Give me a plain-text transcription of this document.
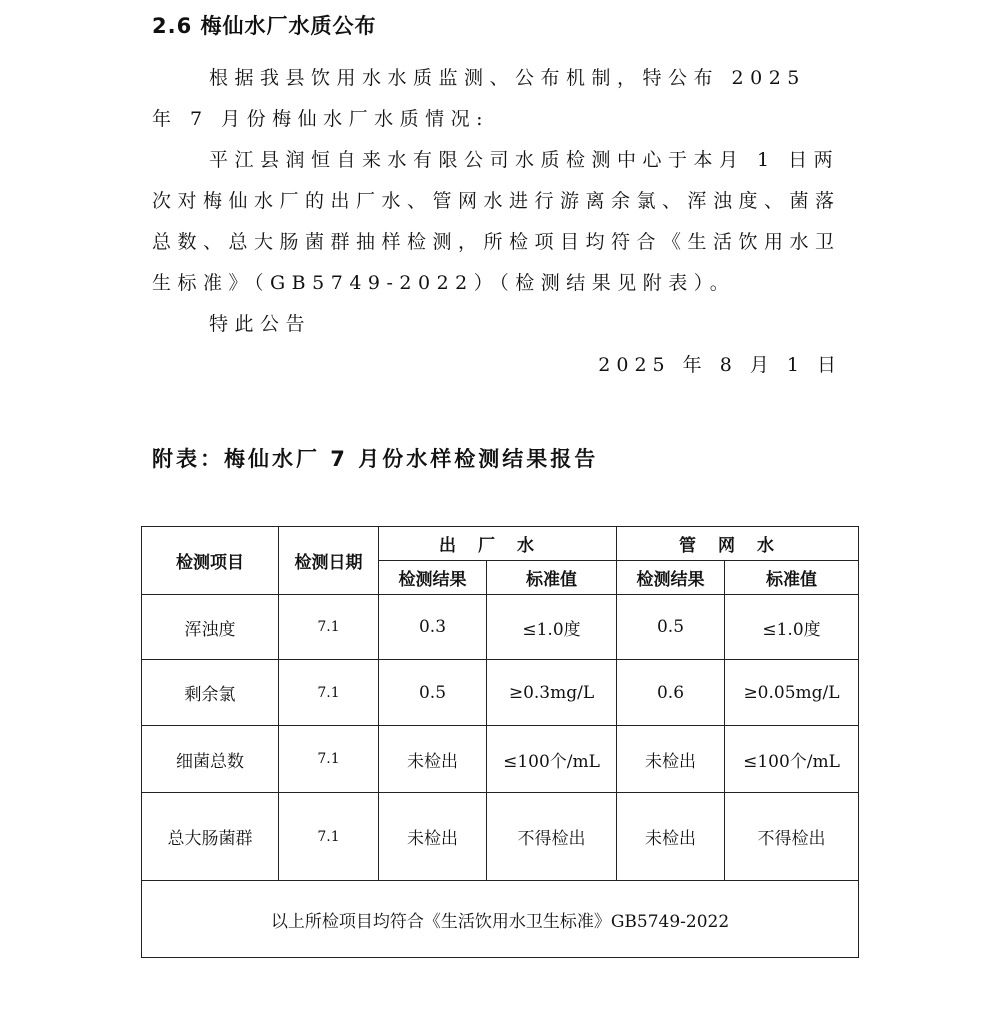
2.6 梅仙水厂水质公布

根据我县饮用水水质监测、公布机制，特公布 2025 年 7 月份梅仙水厂水质情况:

平江县润恒自来水有限公司水质检测中心于本月 1 日两次对梅仙水厂的出厂水、管网水进行游离余氯、浑浊度、菌落总数、总大肠菌群抽样检测，所检项目均符合《生活饮用水卫生标准》（GB5749-2022）（检测结果见附表）。

特此公告

2025 年 8 月 1 日

附表：梅仙水厂 7 月份水样检测结果报告
检测项目	检测日期	出厂水		管网水	
		检测结果	标准值	检测结果	标准值
浑浊度	7.1	0.3	≤1.0度	0.5	≤1.0度
剩余氯	7.1	0.5	≥0.3mg/L	0.6	≥0.05mg/L
细菌总数	7.1	未检出	≤100个/mL	未检出	≤100个/mL
总大肠菌群	7.1	未检出	不得检出	未检出	不得检出
以上所检项目均符合《生活饮用水卫生标准》GB5749-2022					
